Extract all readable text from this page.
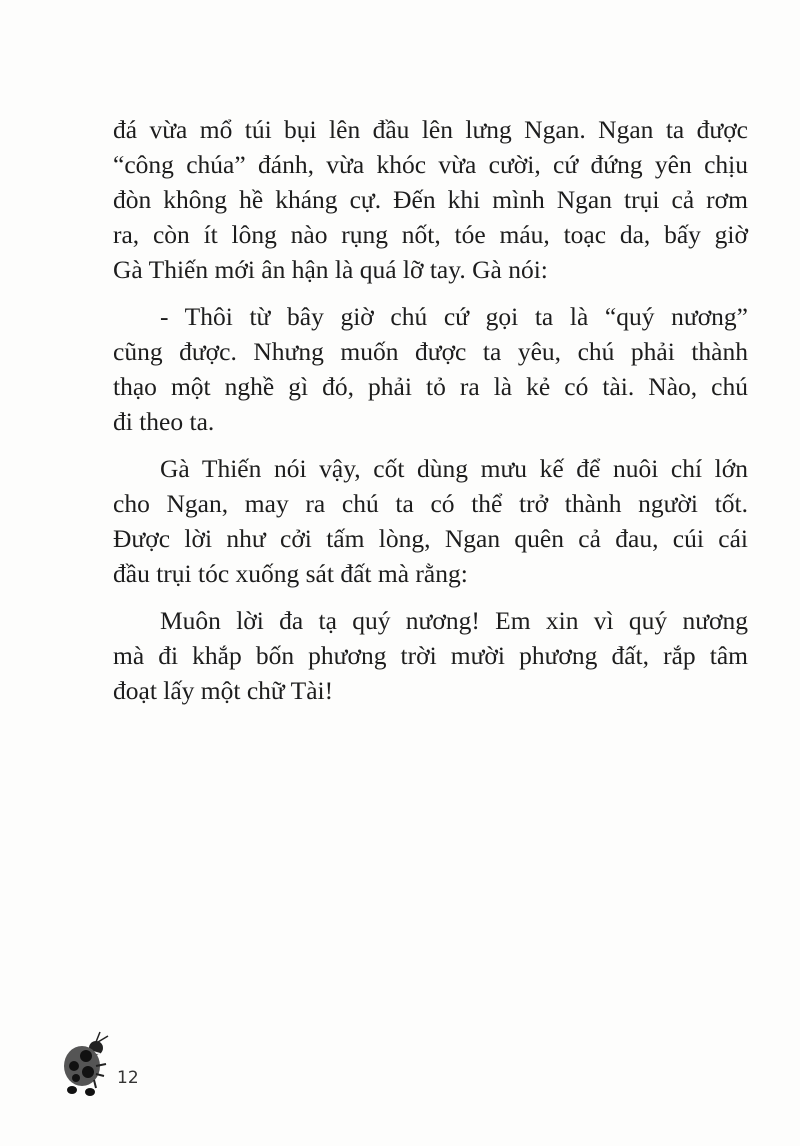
đá vừa mổ túi bụi lên đầu lên lưng Ngan. Ngan ta được
“công chúa” đánh, vừa khóc vừa cười, cứ đứng yên chịu
đòn không hề kháng cự. Đến khi mình Ngan trụi cả rơm
ra, còn ít lông nào rụng nốt, tóe máu, toạc da, bấy giờ
Gà Thiến mới ân hận là quá lỡ tay. Gà nói:
- Thôi từ bây giờ chú cứ gọi ta là “quý nương”
cũng được. Nhưng muốn được ta yêu, chú phải thành
thạo một nghề gì đó, phải tỏ ra là kẻ có tài. Nào, chú
đi theo ta.
Gà Thiến nói vậy, cốt dùng mưu kế để nuôi chí lớn
cho Ngan, may ra chú ta có thể trở thành người tốt.
Được lời như cởi tấm lòng, Ngan quên cả đau, cúi cái
đầu trụi tóc xuống sát đất mà rằng:
Muôn lời đa tạ quý nương! Em xin vì quý nương
mà đi khắp bốn phương trời mười phương đất, rắp tâm
đoạt lấy một chữ Tài!
12
